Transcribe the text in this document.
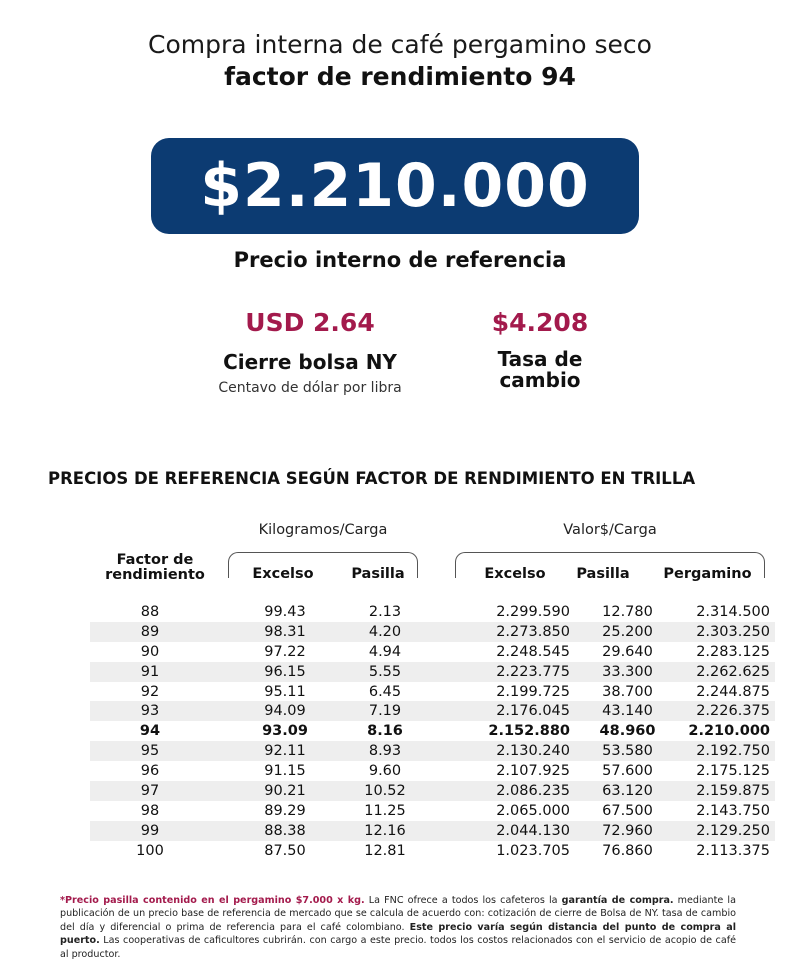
Compra interna de café pergamino seco
factor de rendimiento 94
$2.210.000
Precio interno de referencia
USD 2.64
Cierre bolsa NY
Centavo de dólar por libra
$4.208
Tasa de
cambio
PRECIOS DE REFERENCIA SEGÚN FACTOR DE RENDIMIENTO EN TRILLA
Kilogramos/Carga	Valor$/Carga
Factor de
rendimiento	Excelso	Pasilla	Excelso	Pasilla	Pergamino
88	99.43	2.13	2.299.590	12.780	2.314.500
89	98.31	4.20	2.273.850	25.200	2.303.250
90	97.22	4.94	2.248.545	29.640	2.283.125
91	96.15	5.55	2.223.775	33.300	2.262.625
92	95.11	6.45	2.199.725	38.700	2.244.875
93	94.09	7.19	2.176.045	43.140	2.226.375
94	93.09	8.16	2.152.880	48.960	2.210.000
95	92.11	8.93	2.130.240	53.580	2.192.750
96	91.15	9.60	2.107.925	57.600	2.175.125
97	90.21	10.52	2.086.235	63.120	2.159.875
98	89.29	11.25	2.065.000	67.500	2.143.750
99	88.38	12.16	2.044.130	72.960	2.129.250
100	87.50	12.81	1.023.705	76.860	2.113.375
*Precio pasilla contenido en el pergamino $7.000 x kg. La FNC ofrece a todos los cafeteros la garantía de compra. mediante la publicación de un precio base de referencia de mercado que se calcula de acuerdo con: cotización de cierre de Bolsa de NY. tasa de cambio del día y diferencial o prima de referencia para el café colombiano. Este precio varía según distancia del punto de compra al puerto. Las cooperativas de caficultores cubrirán. con cargo a este precio. todos los costos relacionados con el servicio de acopio de café al productor.
